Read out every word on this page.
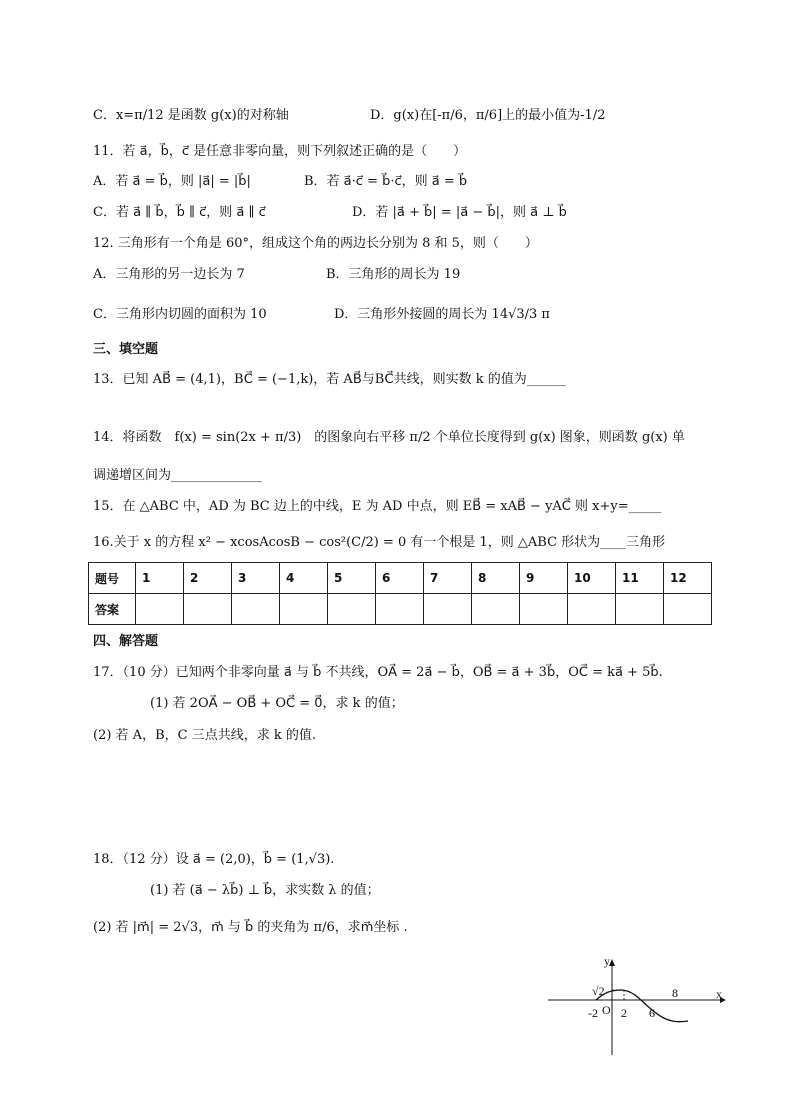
C．x=π/12 是函数 g(x)的对称轴	D．g(x)在[-π/6，π/6]上的最小值为-1/2
11．若 a⃗，b⃗，c⃗ 是任意非零向量，则下列叙述正确的是（　　）
A．若 a⃗ = b⃗，则 |a⃗| = |b⃗|	B．若 a⃗·c⃗ = b⃗·c⃗，则 a⃗ = b⃗
C．若 a⃗ ∥ b⃗，b⃗ ∥ c⃗，则 a⃗ ∥ c⃗	D．若 |a⃗ + b⃗| = |a⃗ − b⃗|，则 a⃗ ⊥ b⃗
12. 三角形有一个角是 60°，组成这个角的两边长分别为 8 和 5，则（　　）
A．三角形的另一边长为 7	B．三角形的周长为 19
C．三角形内切圆的面积为 10	D．三角形外接圆的周长为 14√3/3 π
三、填空题
13．已知 AB⃗ = (4,1)，BC⃗ = (−1,k)，若 AB⃗与BC⃗共线，则实数 k 的值为______
14．将函数　f(x) = sin(2x + π/3)　的图象向右平移 π/2 个单位长度得到 g(x) 图象，则函数 g(x) 单
调递增区间为______________
15．在 △ABC 中，AD 为 BC 边上的中线，E 为 AD 中点，则 EB⃗ = xAB⃗ − yAC⃗ 则 x+y=_____
16.关于 x 的方程 x² − xcosAcosB − cos²(C/2) = 0 有一个根是 1，则 △ABC 形状为____三角形
题号	1	2	3	4	5	6	7	8	9	10	11	12
答案												
四、解答题
17．（10 分）已知两个非零向量 a⃗ 与 b⃗ 不共线，OA⃗ = 2a⃗ − b⃗，OB⃗ = a⃗ + 3b⃗，OC⃗ = ka⃗ + 5b⃗.
(1) 若 2OA⃗ − OB⃗ + OC⃗ = 0⃗，求 k 的值；
(2) 若 A，B，C 三点共线，求 k 的值.
18．（12 分）设 a⃗ = (2,0)，b⃗ = (1,√3).
(1) 若 (a⃗ − λb⃗) ⊥ b⃗，求实数 λ 的值；
(2) 若 |m⃗| = 2√3，m⃗ 与 b⃗ 的夹角为 π/6，求m⃗坐标 .
y
x
O
√2
-2 2 6
8
